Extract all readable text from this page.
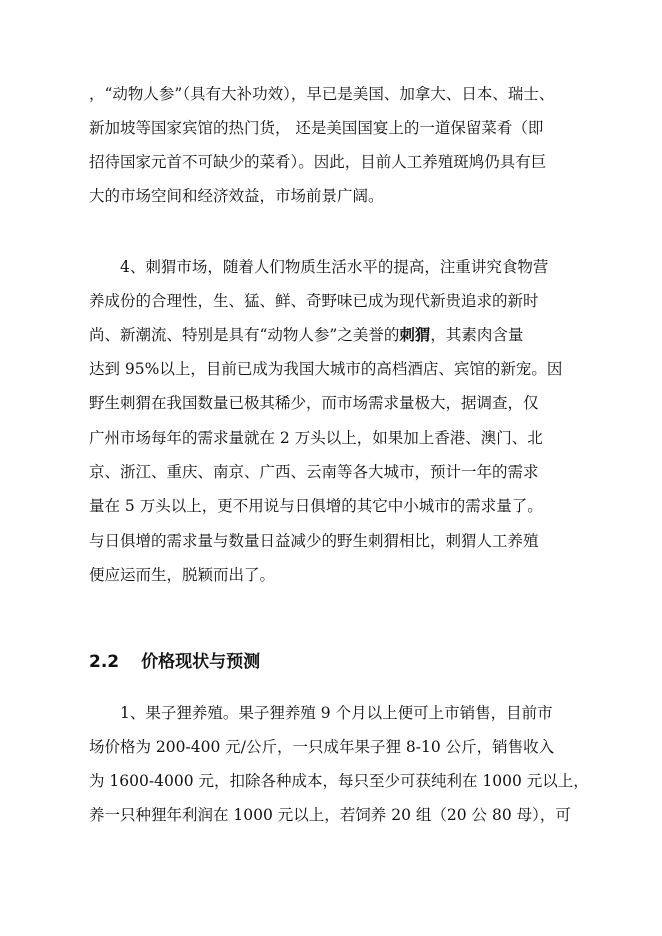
，“动物人参”（具有大补功效），早已是美国、加拿大、日本、瑞士、
新加坡等国家宾馆的热门货， 还是美国国宴上的一道保留菜肴（即
招待国家元首不可缺少的菜肴）。因此，目前人工养殖斑鸠仍具有巨
大的市场空间和经济效益，市场前景广阔。
4、刺猬市场，随着人们物质生活水平的提高，注重讲究食物营
养成份的合理性，生、猛、鲜、奇野味已成为现代新贵追求的新时
尚、新潮流、特别是具有“动物人参”之美誉的刺猬，其素肉含量
达到 95%以上，目前已成为我国大城市的高档酒店、宾馆的新宠。因
野生刺猬在我国数量已极其稀少，而市场需求量极大，据调查，仅
广州市场每年的需求量就在 2 万头以上，如果加上香港、澳门、北
京、浙江、重庆、南京、广西、云南等各大城市，预计一年的需求
量在 5 万头以上，更不用说与日俱增的其它中小城市的需求量了。
与日俱增的需求量与数量日益减少的野生刺猬相比，刺猬人工养殖
便应运而生，脱颖而出了。
2.2 价格现状与预测
1、果子狸养殖。果子狸养殖 9 个月以上便可上市销售，目前市
场价格为 200-400 元/公斤，一只成年果子狸 8-10 公斤，销售收入
为 1600-4000 元，扣除各种成本，每只至少可获纯利在 1000 元以上，
养一只种狸年利润在 1000 元以上，若饲养 20 组（20 公 80 母），可
